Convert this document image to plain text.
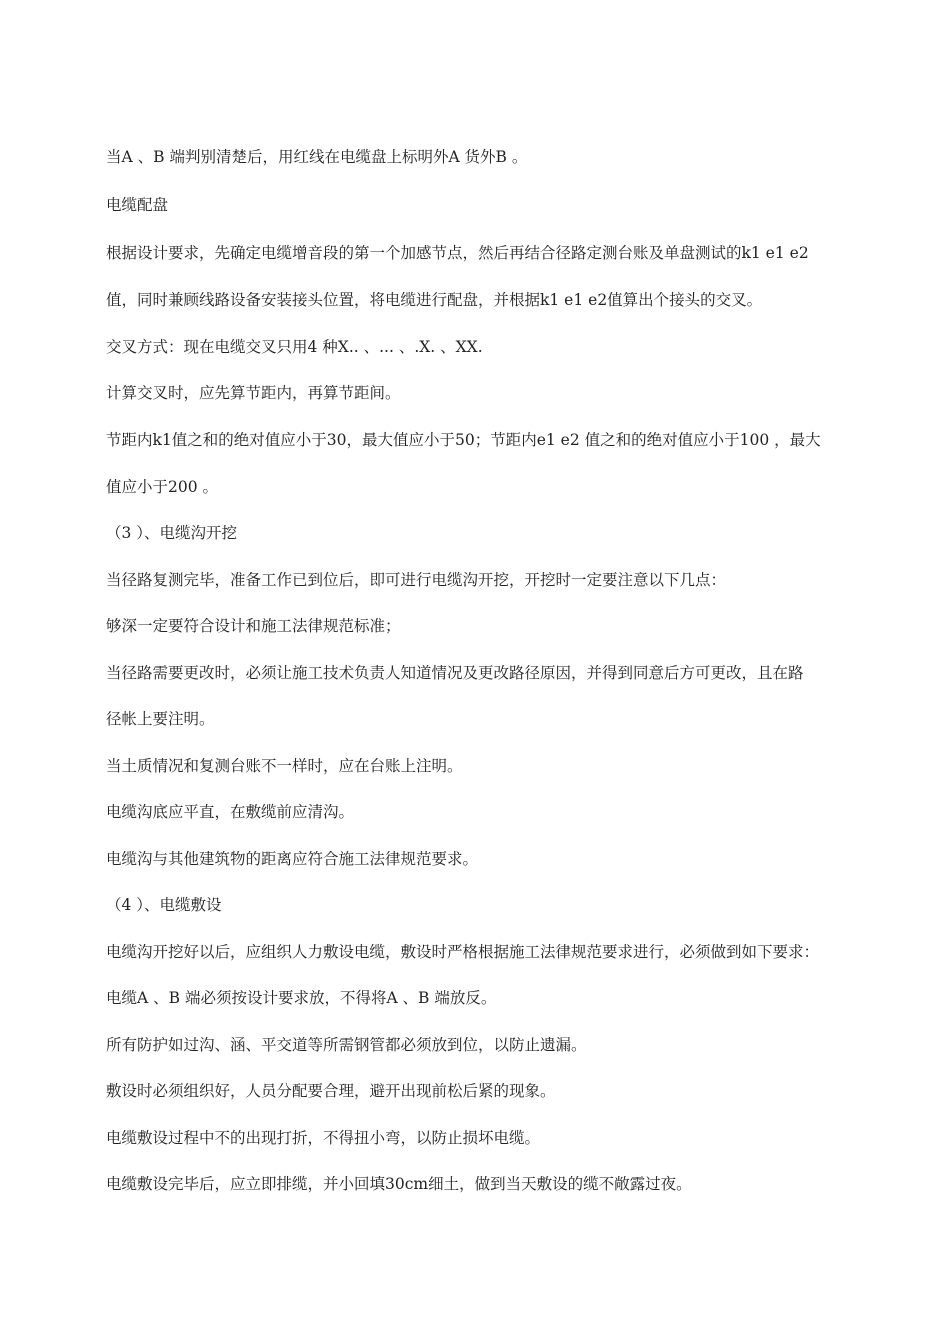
当A 、B 端判别清楚后，用红线在电缆盘上标明外A 货外B 。
电缆配盘
根据设计要求，先确定电缆增音段的第一个加感节点，然后再结合径路定测台账及单盘测试的k1 e1 e2
值，同时兼顾线路设备安装接头位置，将电缆进行配盘，并根据k1 e1 e2值算出个接头的交叉。
交叉方式：现在电缆交叉只用4 种X.. 、... 、.X. 、XX.
计算交叉时，应先算节距内，再算节距间。
节距内k1值之和的绝对值应小于30，最大值应小于50；节距内e1 e2 值之和的绝对值应小于100 ，最大
值应小于200 。
（3 ）、电缆沟开挖
当径路复测完毕，准备工作已到位后，即可进行电缆沟开挖，开挖时一定要注意以下几点：
够深一定要符合设计和施工法律规范标准；
当径路需要更改时，必须让施工技术负责人知道情况及更改路径原因，并得到同意后方可更改，且在路
径帐上要注明。
当土质情况和复测台账不一样时，应在台账上注明。
电缆沟底应平直，在敷缆前应清沟。
电缆沟与其他建筑物的距离应符合施工法律规范要求。
（4 ）、电缆敷设
电缆沟开挖好以后，应组织人力敷设电缆，敷设时严格根据施工法律规范要求进行，必须做到如下要求：
电缆A 、B 端必须按设计要求放，不得将A 、B 端放反。
所有防护如过沟、涵、平交道等所需钢管都必须放到位，以防止遗漏。
敷设时必须组织好，人员分配要合理，避开出现前松后紧的现象。
电缆敷设过程中不的出现打折，不得扭小弯，以防止损坏电缆。
电缆敷设完毕后，应立即排缆，并小回填30cm细土，做到当天敷设的缆不敞露过夜。
